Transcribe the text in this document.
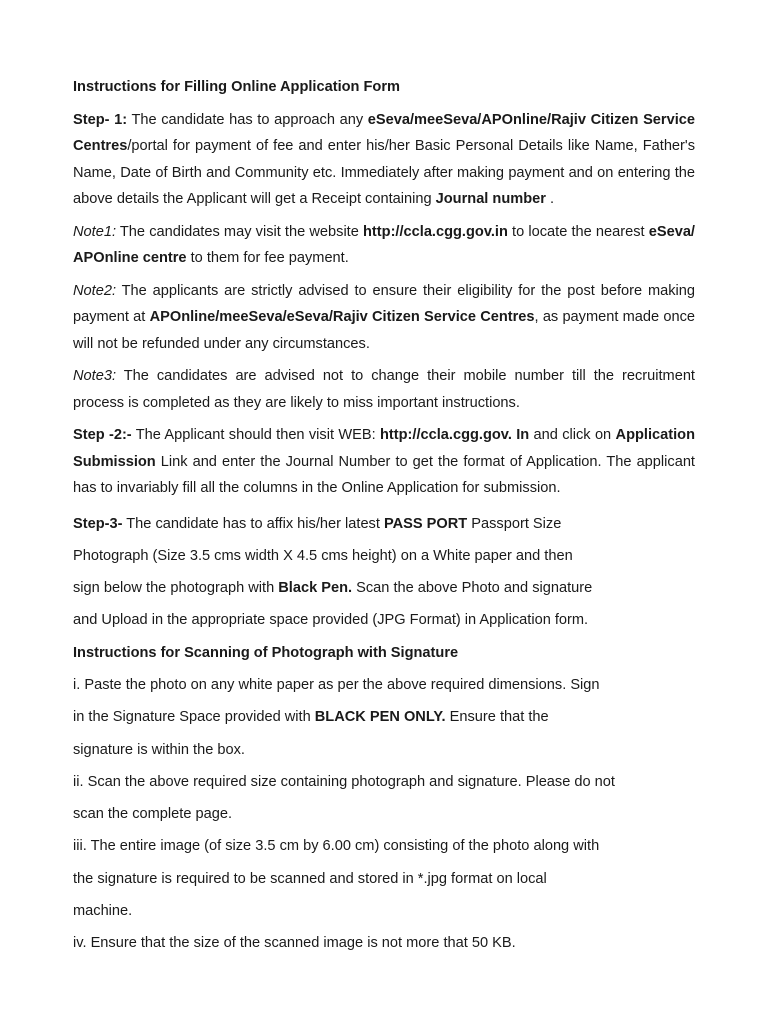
Instructions for Filling Online Application Form
Step- 1: The candidate has to approach any eSeva/meeSeva/APOnline/Rajiv Citizen Service Centres/portal for payment of fee and enter his/her Basic Personal Details like Name, Father's Name, Date of Birth and Community etc. Immediately after making payment and on entering the above details the Applicant will get a Receipt containing Journal number .
Note1: The candidates may visit the website http://ccla.cgg.gov.in to locate the nearest eSeva/ APOnline centre to them for fee payment.
Note2: The applicants are strictly advised to ensure their eligibility for the post before making payment at APOnline/meeSeva/eSeva/Rajiv Citizen Service Centres, as payment made once will not be refunded under any circumstances.
Note3: The candidates are advised not to change their mobile number till the recruitment process is completed as they are likely to miss important instructions.
Step -2:- The Applicant should then visit WEB: http://ccla.cgg.gov. In and click on Application Submission Link and enter the Journal Number to get the format of Application. The applicant has to invariably fill all the columns in the Online Application for submission.
Step-3- The candidate has to affix his/her latest PASS PORT Passport Size
Photograph (Size 3.5 cms width X 4.5 cms height) on a White paper and then
sign below the photograph with Black Pen. Scan the above Photo and signature
and Upload in the appropriate space provided (JPG Format) in Application form.
Instructions for Scanning of Photograph with Signature
i. Paste the photo on any white paper as per the above required dimensions. Sign
in the Signature Space provided with BLACK PEN ONLY. Ensure that the
signature is within the box.
ii. Scan the above required size containing photograph and signature. Please do not
scan the complete page.
iii. The entire image (of size 3.5 cm by 6.00 cm) consisting of the photo along with
the signature is required to be scanned and stored in *.jpg format on local
machine.
iv. Ensure that the size of the scanned image is not more that 50 KB.
